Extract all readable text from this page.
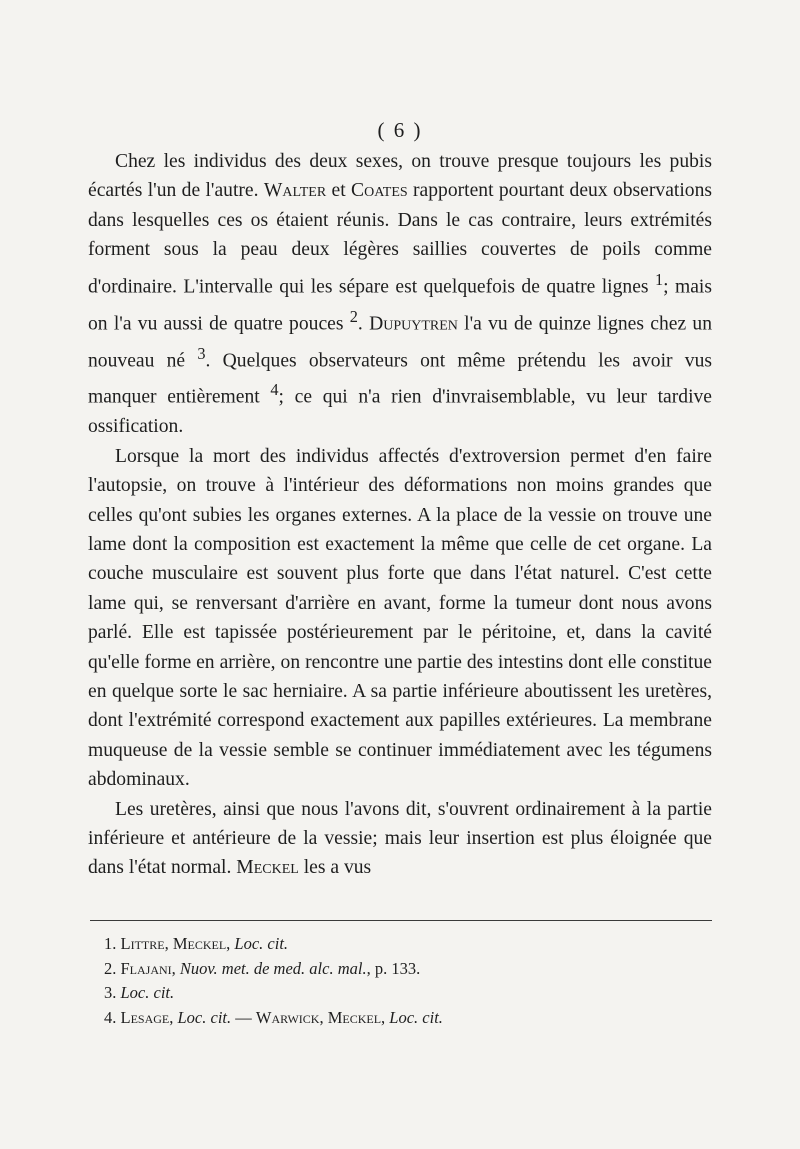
( 6 )

Chez les individus des deux sexes, on trouve presque toujours les pubis écartés l'un de l'autre. Walter et Coates rapportent pourtant deux observations dans lesquelles ces os étaient réunis. Dans le cas contraire, leurs extrémités forment sous la peau deux légères saillies couvertes de poils comme d'ordinaire. L'intervalle qui les sépare est quelquefois de quatre lignes $^1$; mais on l'a vu aussi de quatre pouces $^2$. Dupuytren l'a vu de quinze lignes chez un nouveau né $^3$. Quelques observateurs ont même prétendu les avoir vus manquer entièrement $^4$; ce qui n'a rien d'invraisemblable, vu leur tardive ossification.

Lorsque la mort des individus affectés d'extroversion permet d'en faire l'autopsie, on trouve à l'intérieur des déformations non moins grandes que celles qu'ont subies les organes externes. A la place de la vessie on trouve une lame dont la composition est exactement la même que celle de cet organe. La couche musculaire est souvent plus forte que dans l'état naturel. C'est cette lame qui, se renversant d'arrière en avant, forme la tumeur dont nous avons parlé. Elle est tapissée postérieurement par le péritoine, et, dans la cavité qu'elle forme en arrière, on rencontre une partie des intestins dont elle constitue en quelque sorte le sac herniaire. A sa partie inférieure aboutissent les uretères, dont l'extrémité correspond exactement aux papilles extérieures. La membrane muqueuse de la vessie semble se continuer immédiatement avec les tégumens abdominaux.

Les uretères, ainsi que nous l'avons dit, s'ouvrent ordinairement à la partie inférieure et antérieure de la vessie; mais leur insertion est plus éloignée que dans l'état normal. Meckel les a vus

1. Littre, Meckel, Loc. cit.

2. Flajani, Nuov. met. de med. alc. mal., p. 133.

3. Loc. cit.

4. Lesage, Loc. cit. — Warwick, Meckel, Loc. cit.
